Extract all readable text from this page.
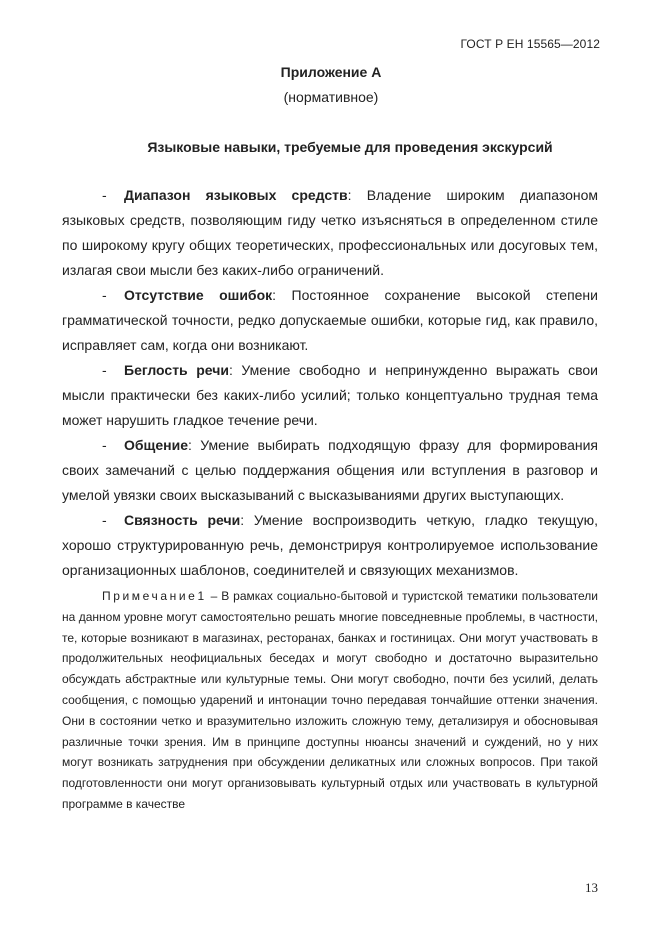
ГОСТ Р ЕН 15565—2012
Приложение А
(нормативное)
Языковые навыки, требуемые для проведения экскурсий

- Диапазон языковых средств: Владение широким диапазоном языковых средств, позволяющим гиду четко изъясняться в определенном стиле по широкому кругу общих теоретических, профессиональных или досуговых тем, излагая свои мысли без каких-либо ограничений.

- Отсутствие ошибок: Постоянное сохранение высокой степени грамматической точности, редко допускаемые ошибки, которые гид, как правило, исправляет сам, когда они возникают.

- Беглость речи: Умение свободно и непринужденно выражать свои мысли практически без каких-либо усилий; только концептуально трудная тема может нарушить гладкое течение речи.

- Общение: Умение выбирать подходящую фразу для формирования своих замечаний с целью поддержания общения или вступления в разговор и умелой увязки своих высказываний с высказываниями других выступающих.

- Связность речи: Умение воспроизводить четкую, гладко текущую, хорошо структурированную речь, демонстрируя контролируемое использование организационных шаблонов, соединителей и связующих механизмов.

Примечание1 – В рамках социально-бытовой и туристской тематики пользователи на данном уровне могут самостоятельно решать многие повседневные проблемы, в частности, те, которые возникают в магазинах, ресторанах, банках и гостиницах. Они могут участвовать в продолжительных неофициальных беседах и могут свободно и достаточно выразительно обсуждать абстрактные или культурные темы. Они могут свободно, почти без усилий, делать сообщения, с помощью ударений и интонации точно передавая тончайшие оттенки значения. Они в состоянии четко и вразумительно изложить сложную тему, детализируя и обосновывая различные точки зрения. Им в принципе доступны нюансы значений и суждений, но у них могут возникать затруднения при обсуждении деликатных или сложных вопросов. При такой подготовленности они могут организовывать культурный отдых или участвовать в культурной программе в качестве

13
